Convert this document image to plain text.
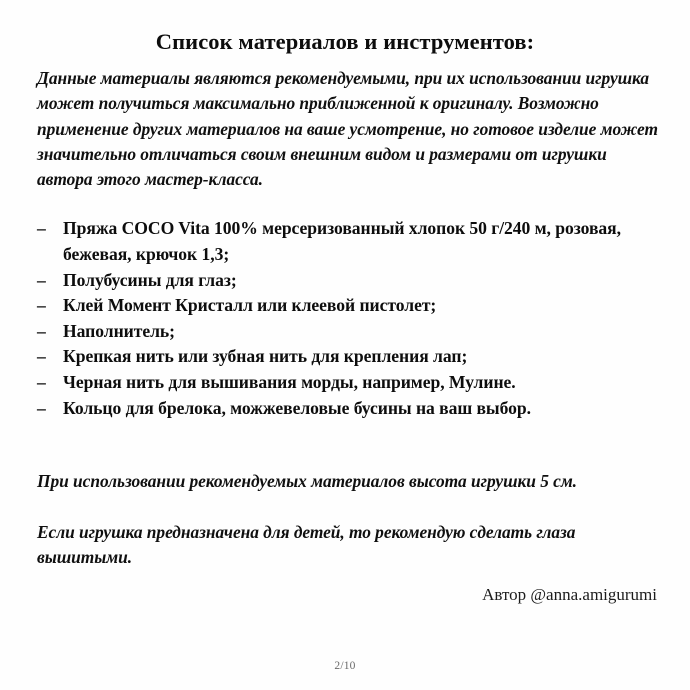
Список материалов и инструментов:

Данные материалы являются рекомендуемыми, при их использовании игрушка может получиться максимально приближенной к оригиналу. Возможно применение других материалов на ваше усмотрение, но готовое изделие может значительно отличаться своим внешним видом и размерами от игрушки автора этого мастер-класса.

– Пряжа COCO Vita 100% мерсеризованный хлопок 50 г/240 м, розовая, бежевая, крючок 1,3;
– Полубусины для глаз;
– Клей Момент Кристалл или клеевой пистолет;
– Наполнитель;
– Крепкая нить или зубная нить для крепления лап;
– Черная нить для вышивания морды, например, Мулине.
– Кольцо для брелока, можжевеловые бусины на ваш выбор.

При использовании рекомендуемых материалов высота игрушки 5 см.

Если игрушка предназначена для детей, то рекомендую сделать глаза вышитыми.

Автор @anna.amigurumi
2/10
